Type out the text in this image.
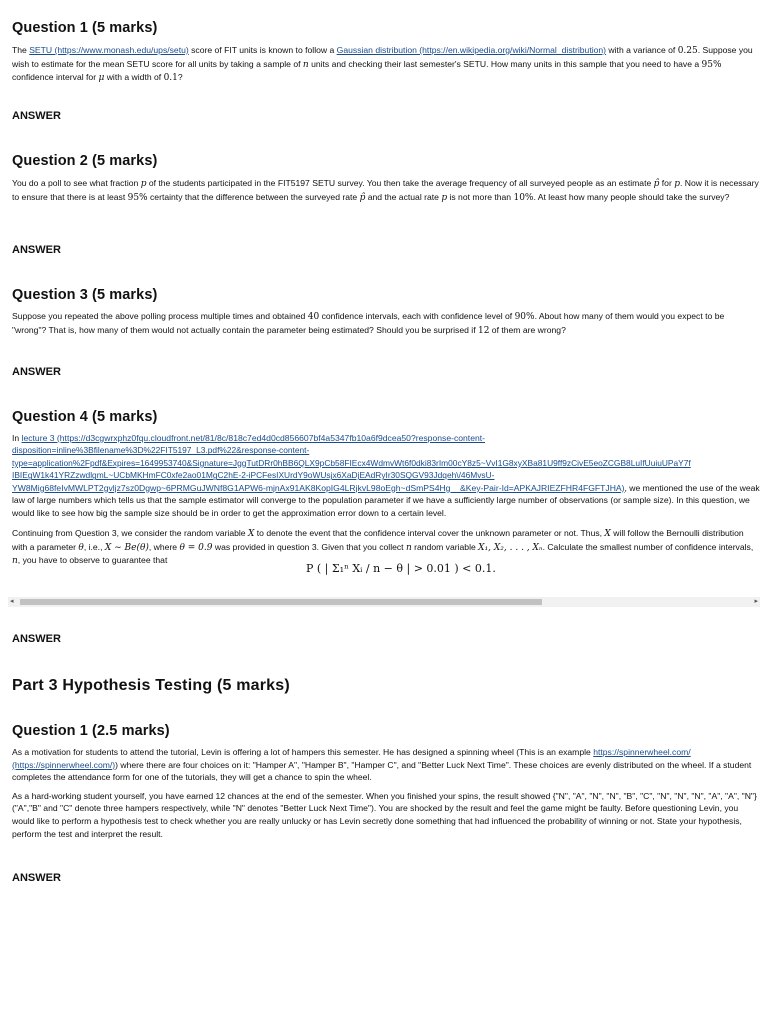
Question 1 (5 marks)

The SETU (https://www.monash.edu/ups/setu) score of FIT units is known to follow a Gaussian distribution (https://en.wikipedia.org/wiki/Normal_distribution) with a variance of 0.25. Suppose you wish to estimate for the mean SETU score for all units by taking a sample of n units and checking their last semester's SETU. How many units in this sample that you need to have a 95% confidence interval for μ with a width of 0.1?

ANSWER
Question 2 (5 marks)

You do a poll to see what fraction p of the students participated in the FIT5197 SETU survey. You then take the average frequency of all surveyed people as an estimate p̂ for p. Now it is necessary to ensure that there is at least 95% certainty that the difference between the surveyed rate p̂ and the actual rate p is not more than 10%. At least how many people should take the survey?

ANSWER
Question 3 (5 marks)

Suppose you repeated the above polling process multiple times and obtained 40 confidence intervals, each with confidence level of 90%. About how many of them would you expect to be "wrong"? That is, how many of them would not actually contain the parameter being estimated? Should you be surprised if 12 of them are wrong?

ANSWER
Question 4 (5 marks)
In lecture 3 (https://d3cgwrxphz0fqu.cloudfront.net/81/8c/818c7ed4d0cd856607bf4a5347fb10a6f9dcea50?response-content-
disposition=inline%3Bfilename%3D%22FIT5197_L3.pdf%22&response-content-
type=application%2Fpdf&Expires=1649953740&Signature=JggTutDRr0hBB6QLX9pCb58FIEcx4WdmvWt6f0dki83rIm00cY8z5~VvI1G8xyXBa81U9ff9zCivE5eoZCGB8LuIfUuiuUPaY7f
IBIEgW1k41YRZzwdlgmL~UCbMKHmFC0xfe2ao01MgC2hE-2-iPCFesIXUrdY9oWUsjx6XaDjEAdRyIr30SQGV93Jdqeh\/46MvsU-
YW8Mig68feIvMWLPT2gvljz7sz0Dgwp~6PRMGuJWNf8G1APW6-mjnAx91AK8KopIG4LRjkvL98oEgh~dSmPS4Hg__&Key-Pair-Id=APKAJRIEZFHR4FGFTJHA), we mentioned the use of the weak law of large numbers which tells us that the sample estimator will converge to the population parameter if we have a sufficiently large number of observations (or sample size). In this question, we would like to see how big the sample size should be in order to get the approximation error down to a certain level.

Continuing from Question 3, we consider the random variable X to denote the event that the confidence interval cover the unknown parameter or not. Thus, X will follow the Bernoulli distribution with a parameter θ, i.e., X ∼ Be(θ), where θ = 0.9 was provided in question 3. Given that you collect n random variable X₁, X₂, . . . , Xₙ. Calculate the smallest number of confidence intervals, n, you have to observe to guarantee that

P ( | Σ₁ⁿ Xᵢ / n − θ | > 0.01 ) < 0.1.
◂	▸
ANSWER
Part 3 Hypothesis Testing (5 marks)
Question 1 (2.5 marks)

As a motivation for students to attend the tutorial, Levin is offering a lot of hampers this semester. He has designed a spinning wheel (This is an example https://spinnerwheel.com/ (https://spinnerwheel.com/)) where there are four choices on it: "Hamper A", "Hamper B", "Hamper C", and "Better Luck Next Time". These choices are evenly distributed on the wheel. If a student completes the attendance form for one of the tutorials, they will get a chance to spin the wheel.

As a hard-working student yourself, you have earned 12 chances at the end of the semester. When you finished your spins, the result showed {"N", "A", "N", "N", "B", "C", "N", "N", "N", "A", "A", "N"} ("A","B" and "C" denote three hampers respectively, while "N" denotes "Better Luck Next Time"). You are shocked by the result and feel the game might be faulty. Before questioning Levin, you would like to perform a hypothesis test to check whether you are really unlucky or has Levin secretly done something that had influenced the probability of winning or not. State your hypothesis, perform the test and interpret the result.

ANSWER
